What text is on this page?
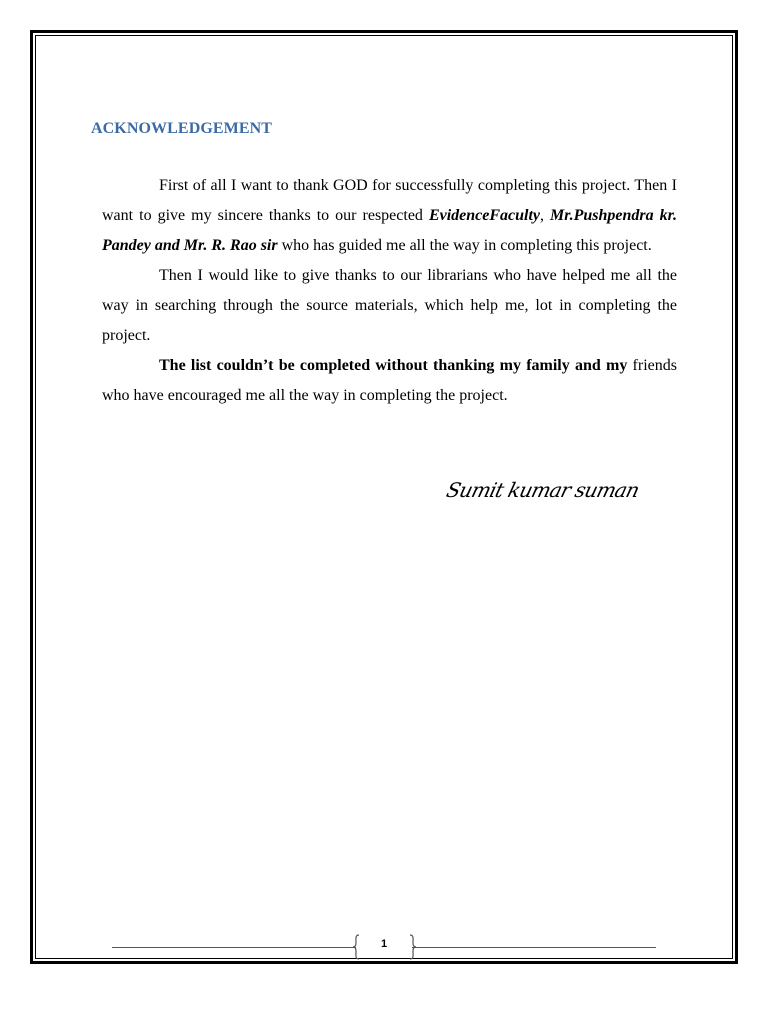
ACKNOWLEDGEMENT

First of all I want to thank GOD for successfully completing this project. Then I want to give my sincere thanks to our respected EvidenceFaculty, Mr.Pushpendra kr. Pandey and Mr. R. Rao sir who has guided me all the way in completing this project.

Then I would like to give thanks to our librarians who have helped me all the way in searching through the source materials, which help me, lot in completing the project.

The list couldn’t be completed without thanking my family and my friends who have encouraged me all the way in completing the project.

Sumit kumar suman
1
